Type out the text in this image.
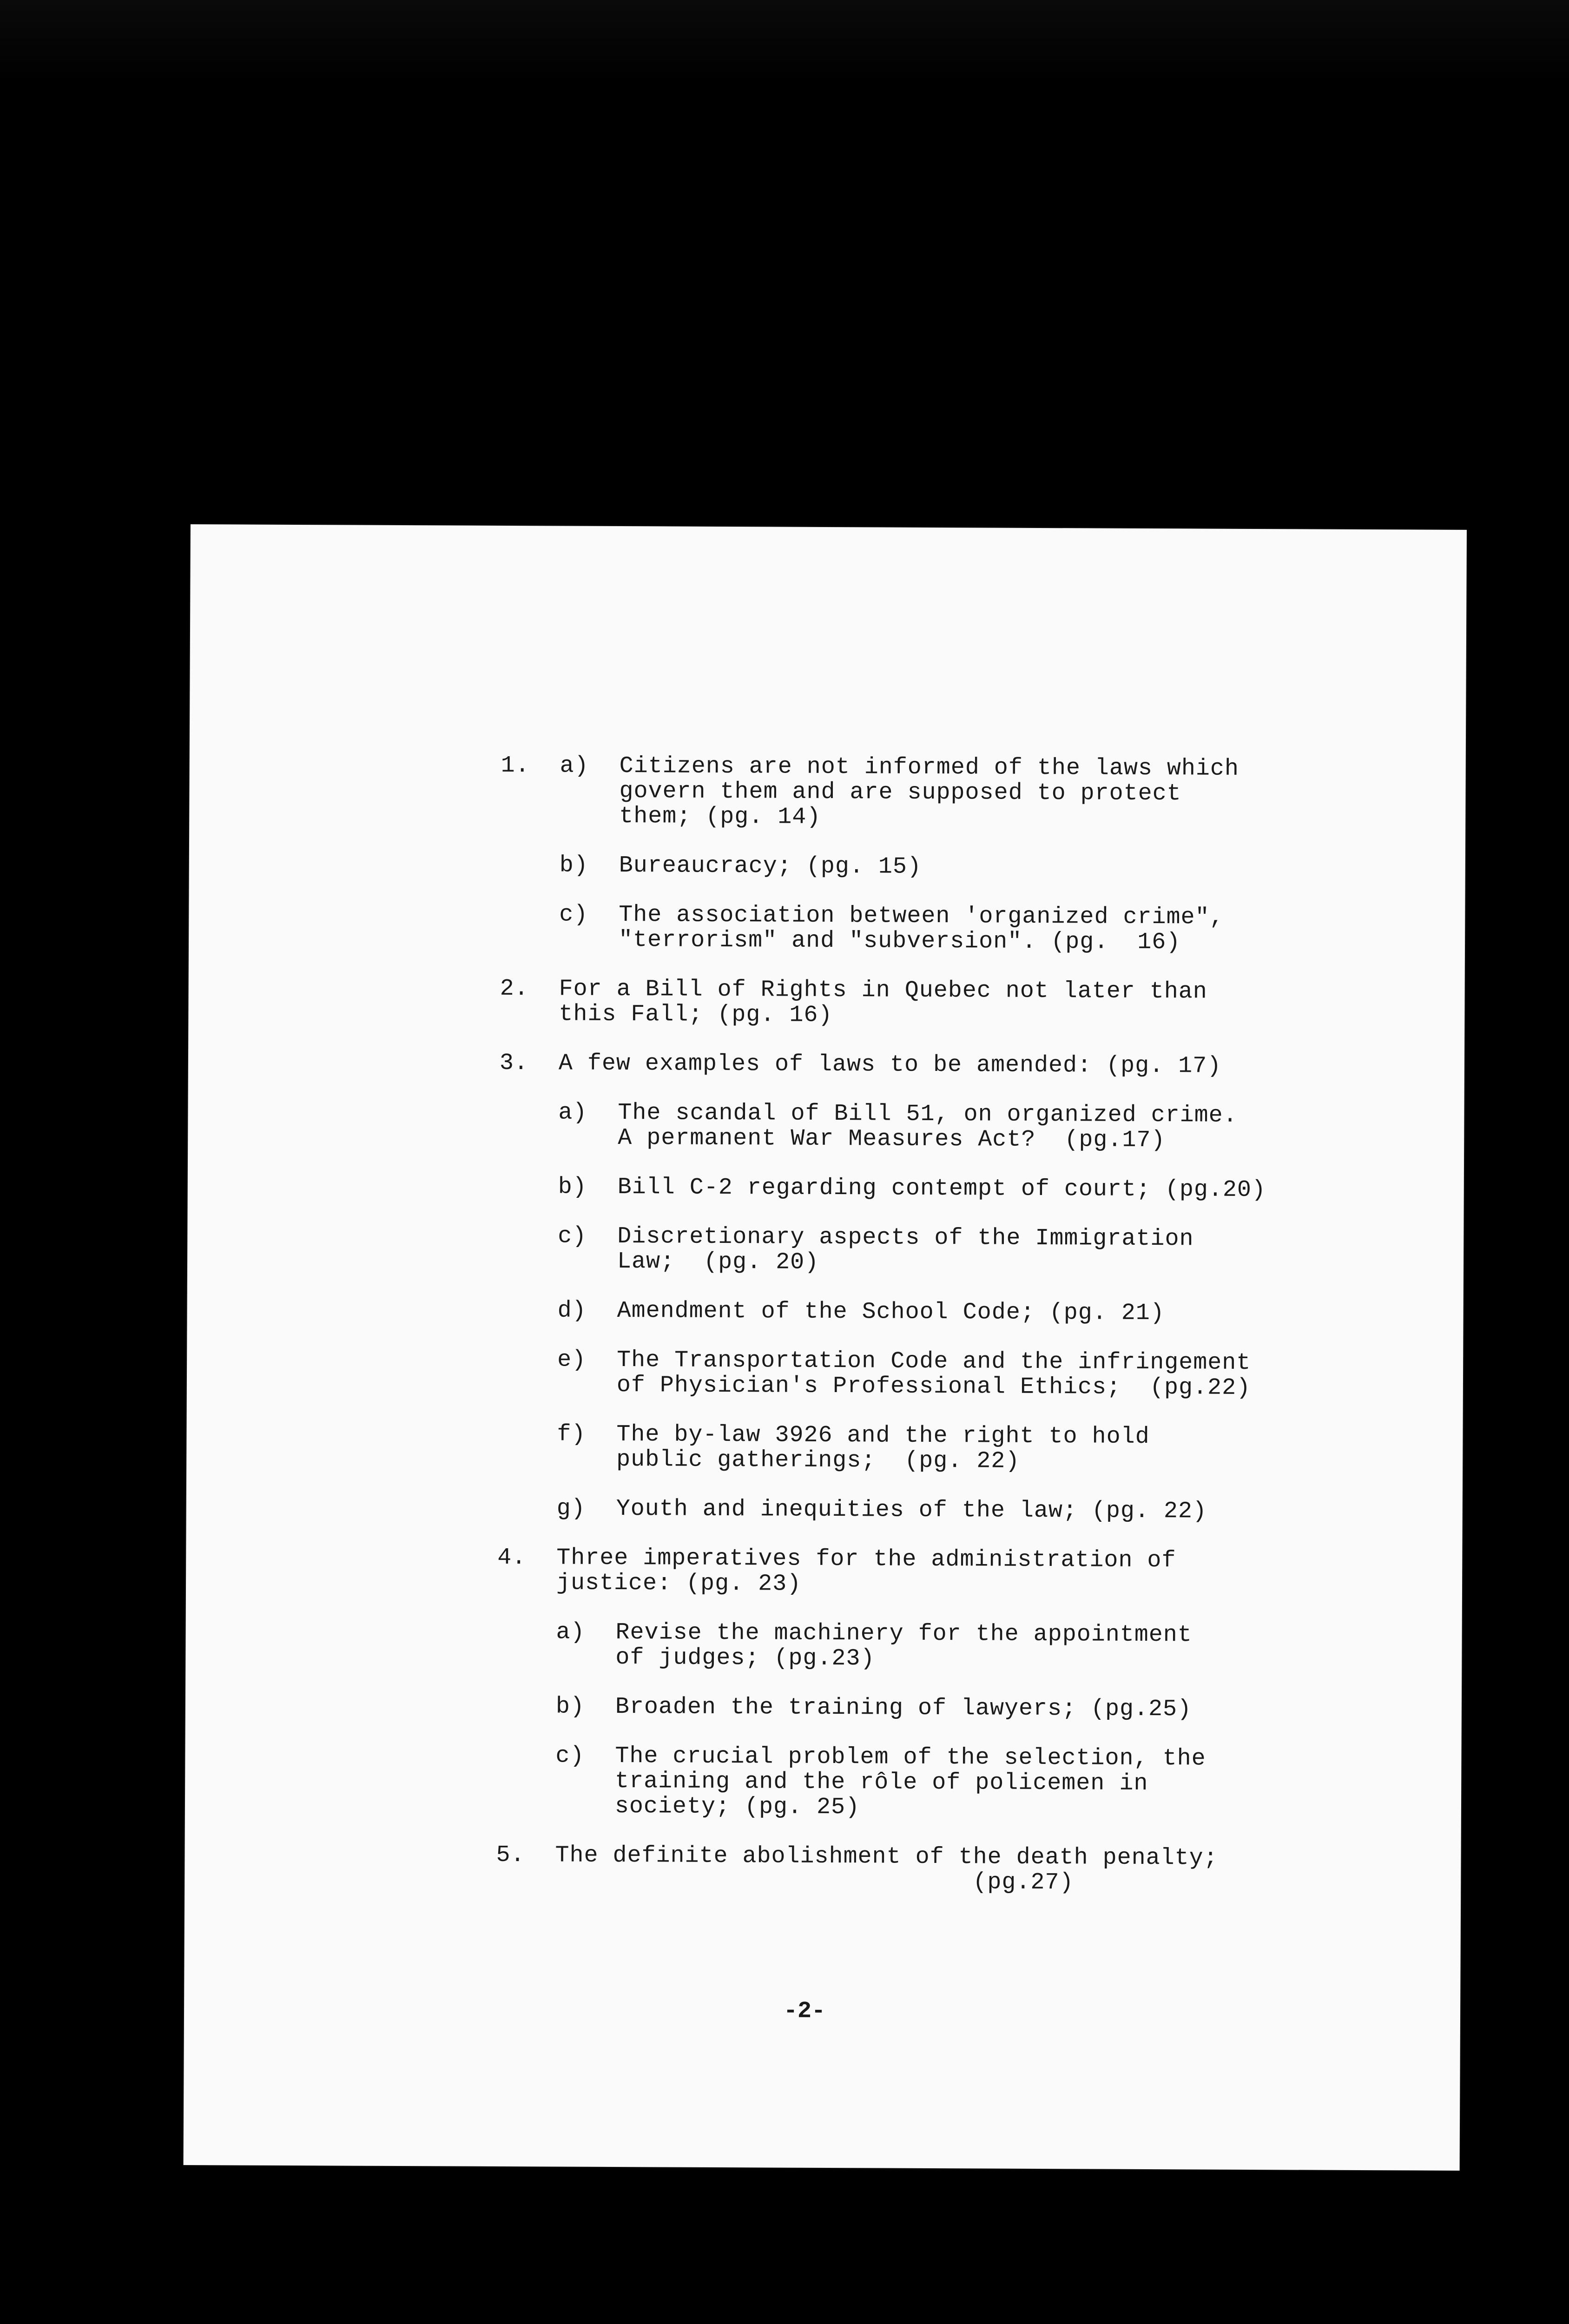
1. a) Citizens are not informed of the laws which
govern them and are supposed to protect
them; (pg. 14)
b) Bureaucracy; (pg. 15)
c) The association between 'organized crime",
"terrorism" and "subversion". (pg.  16)
2. For a Bill of Rights in Quebec not later than
this Fall; (pg. 16)
3. A few examples of laws to be amended: (pg. 17)
a) The scandal of Bill 51, on organized crime.
A permanent War Measures Act?  (pg.17)
b) Bill C-2 regarding contempt of court; (pg.20)
c) Discretionary aspects of the Immigration
Law;  (pg. 20)
d) Amendment of the School Code; (pg. 21)
e) The Transportation Code and the infringement
of Physician's Professional Ethics;  (pg.22)
f) The by-law 3926 and the right to hold
public gatherings;  (pg. 22)
g) Youth and inequities of the law; (pg. 22)
4. Three imperatives for the administration of
justice: (pg. 23)
a) Revise the machinery for the appointment
of judges; (pg.23)
b) Broaden the training of lawyers; (pg.25)
c) The crucial problem of the selection, the
training and the rôle of policemen in
society; (pg. 25)
5. The definite abolishment of the death penalty;
(pg.27)
-2-
